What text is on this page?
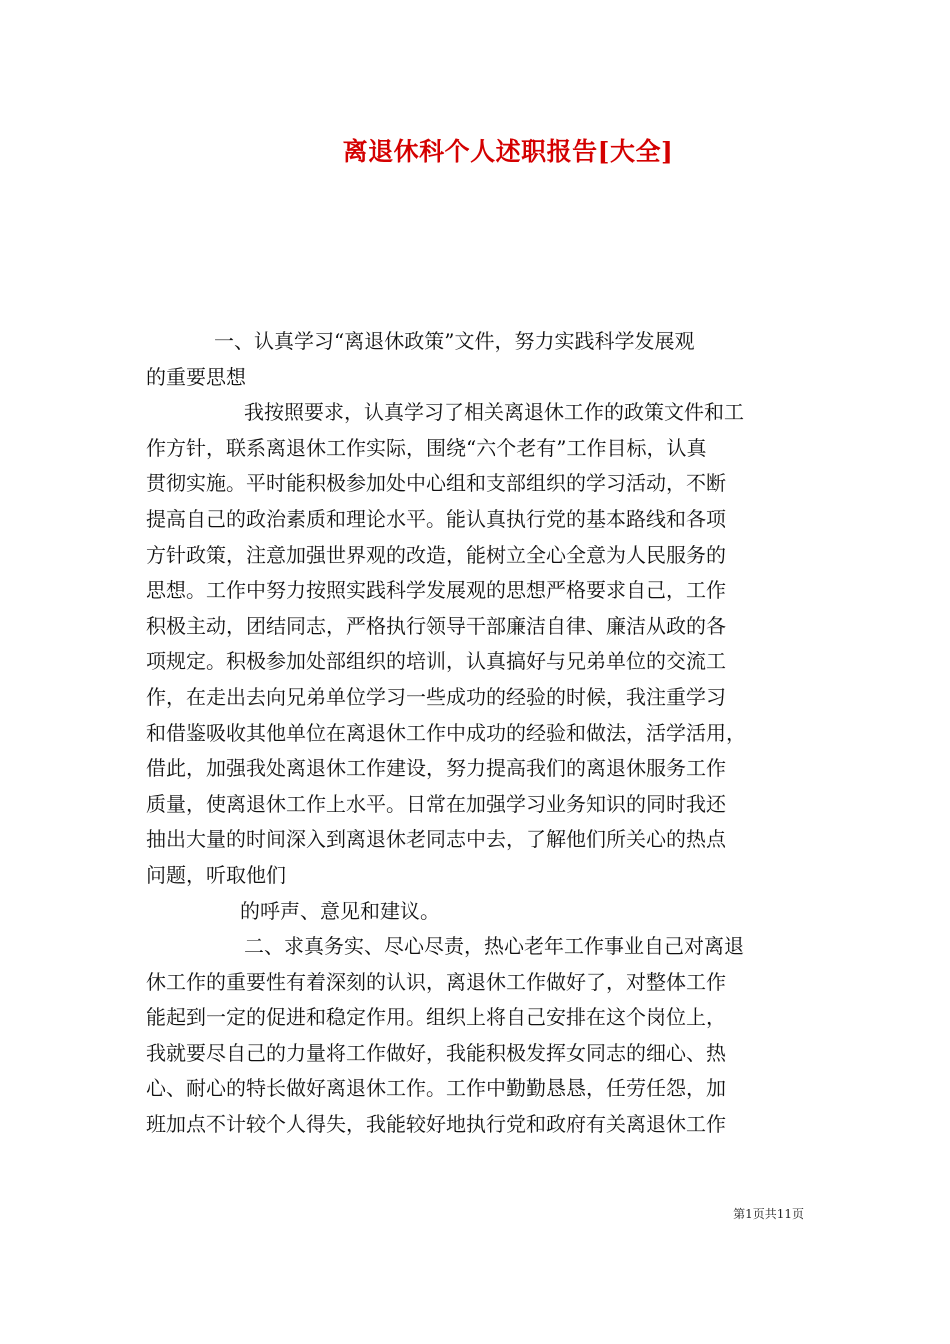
离退休科个人述职报告[大全]
一、认真学习“离退休政策”文件，努力实践科学发展观
的重要思想
我按照要求，认真学习了相关离退休工作的政策文件和工
作方针，联系离退休工作实际，围绕“六个老有”工作目标，认真
贯彻实施。平时能积极参加处中心组和支部组织的学习活动，不断
提高自己的政治素质和理论水平。能认真执行党的基本路线和各项
方针政策，注意加强世界观的改造，能树立全心全意为人民服务的
思想。工作中努力按照实践科学发展观的思想严格要求自己，工作
积极主动，团结同志，严格执行领导干部廉洁自律、廉洁从政的各
项规定。积极参加处部组织的培训，认真搞好与兄弟单位的交流工
作，在走出去向兄弟单位学习一些成功的经验的时候，我注重学习
和借鉴吸收其他单位在离退休工作中成功的经验和做法，活学活用，
借此，加强我处离退休工作建设，努力提高我们的离退休服务工作
质量，使离退休工作上水平。日常在加强学习业务知识的同时我还
抽出大量的时间深入到离退休老同志中去，了解他们所关心的热点
问题，听取他们
的呼声、意见和建议。
二、求真务实、尽心尽责，热心老年工作事业自己对离退
休工作的重要性有着深刻的认识，离退休工作做好了，对整体工作
能起到一定的促进和稳定作用。组织上将自己安排在这个岗位上，
我就要尽自己的力量将工作做好，我能积极发挥女同志的细心、热
心、耐心的特长做好离退休工作。工作中勤勤恳恳，任劳任怨，加
班加点不计较个人得失，我能较好地执行党和政府有关离退休工作
第1页共11页
